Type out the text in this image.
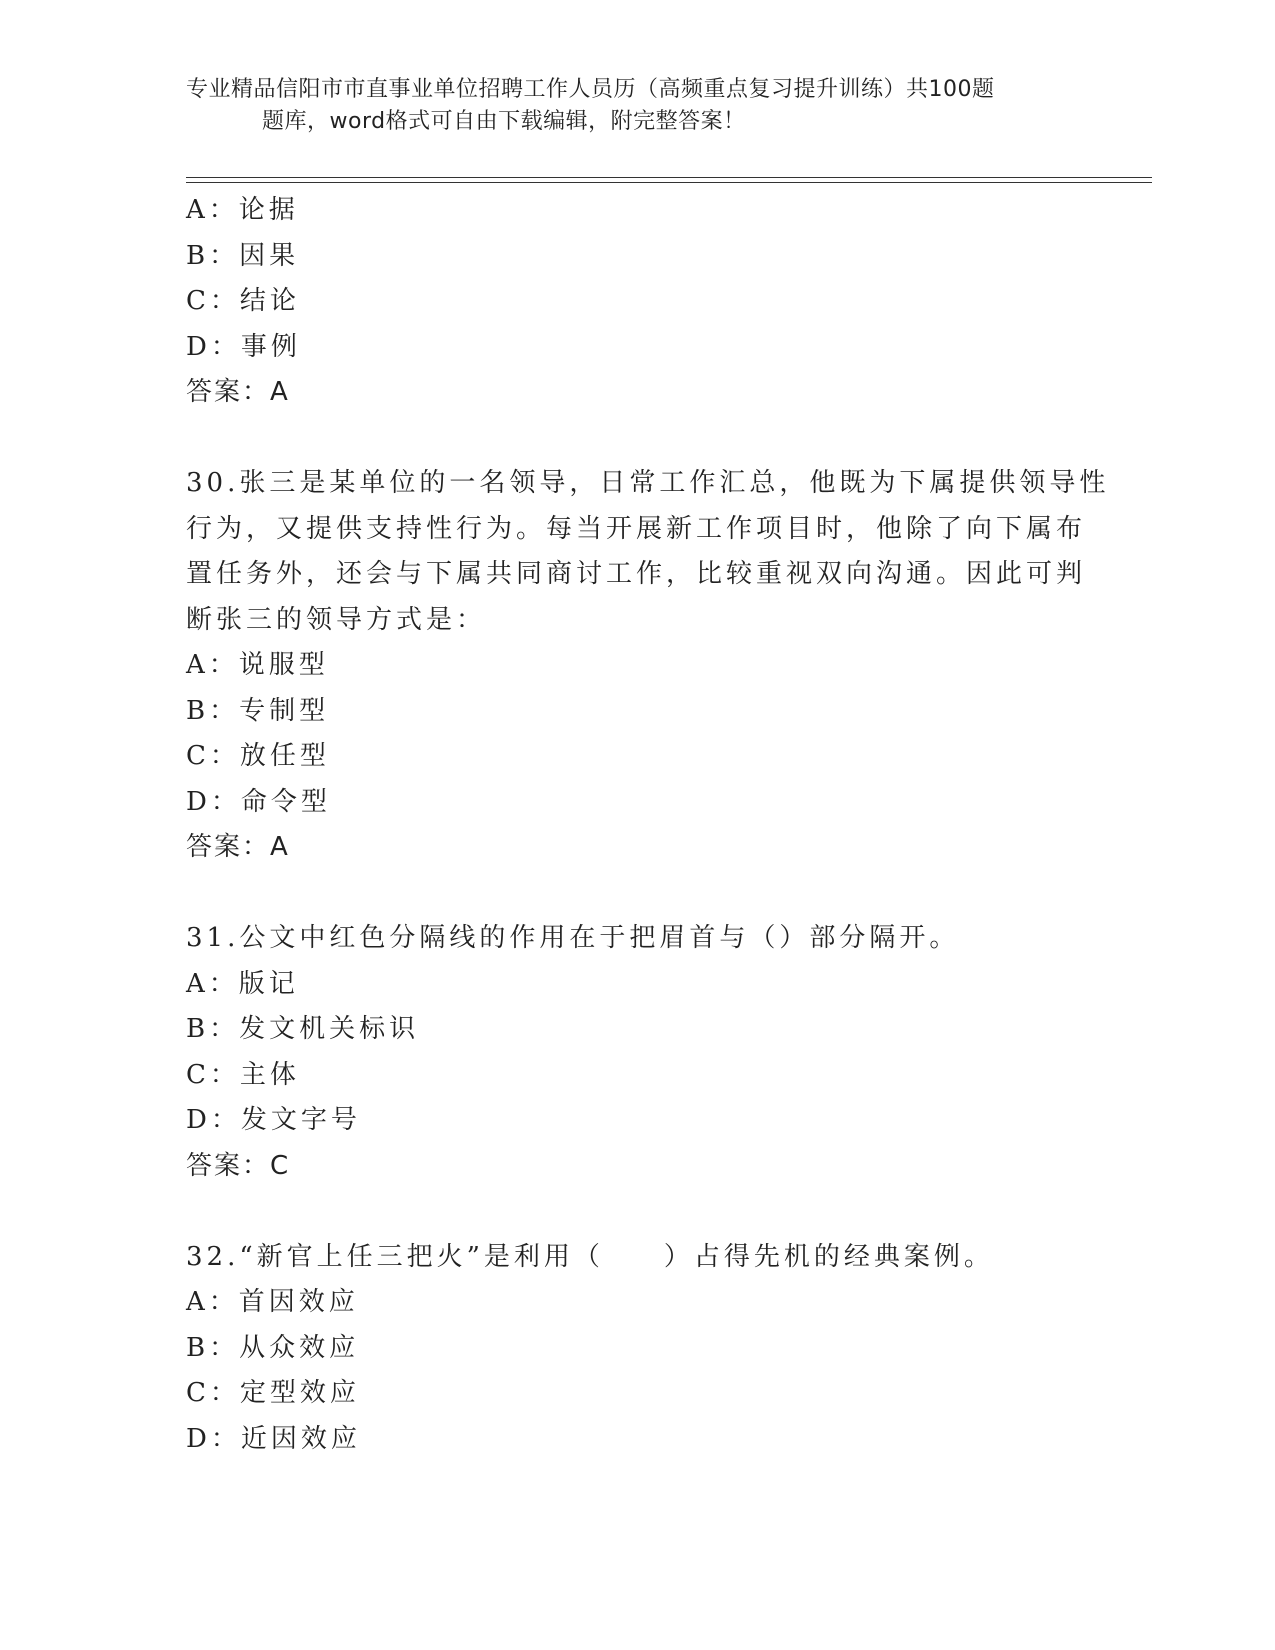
专业精品信阳市市直事业单位招聘工作人员历（高频重点复习提升训练）共100题
题库，word格式可自由下载编辑，附完整答案！
A：论据
B：因果
C：结论
D：事例
答案：A
30.张三是某单位的一名领导，日常工作汇总，他既为下属提供领导性
行为，又提供支持性行为。每当开展新工作项目时，他除了向下属布
置任务外，还会与下属共同商讨工作，比较重视双向沟通。因此可判
断张三的领导方式是：
A：说服型
B：专制型
C：放任型
D：命令型
答案：A
31.公文中红色分隔线的作用在于把眉首与（）部分隔开。
A：版记
B：发文机关标识
C：主体
D：发文字号
答案：C
32.“新官上任三把火”是利用（　　）占得先机的经典案例。
A：首因效应
B：从众效应
C：定型效应
D：近因效应
